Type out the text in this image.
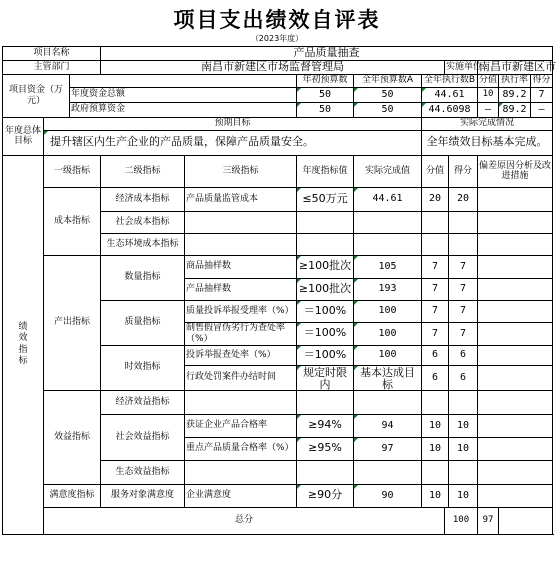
项目支出绩效自评表
（2023年度）
项目名称			产品质量抽查									
主管部门			南昌市新建区市场监督管理局					实施单位		南昌市新建区市		
项目资金（万元）					年初预算数	全年预算数A	全年执行数B			分值	执行率	得分
		年度资金总额			50	50	44.61			10	89.2	7
		政府预算资金			50	50	44.6098			—	89.2	—
年度总体目标	预期目标						实际完成情况					
	提升辖区内生产企业的产品质量，保障产品质量安全。						全年绩效目标基本完成。					
绩效指标	一级指标		二级指标	三级指标	年度指标值	实际完成值	分值		得分	偏差原因分析及改进措施		
	成本指标		经济成本指标	产品质量监管成本	≤50万元	44.61	20		20			
			社会成本指标									
			生态环境成本指标									
	产出指标		数量指标	商品抽样数	≥100批次	105	7		7			
				产品抽样数	≥100批次	193	7		7			
			质量指标	质量投诉举报受理率（%）	＝100%	100	7		7			
				制售假冒伪劣行为查处率（%）	＝100%	100	7		7			
			时效指标	投诉举报查处率（%）	＝100%	100	6		6			
				行政处罚案件办结时间	规定时限内	基本达成目标	6		6			
	效益指标		经济效益指标									
			社会效益指标	获证企业产品合格率	≥94%	94	10		10			
				重点产品质量合格率（%）	≥95%	97	10		10			
			生态效益指标									
	满意度指标		服务对象满意度	企业满意度	≥90分	90	10		10			
	总分							100		97		
